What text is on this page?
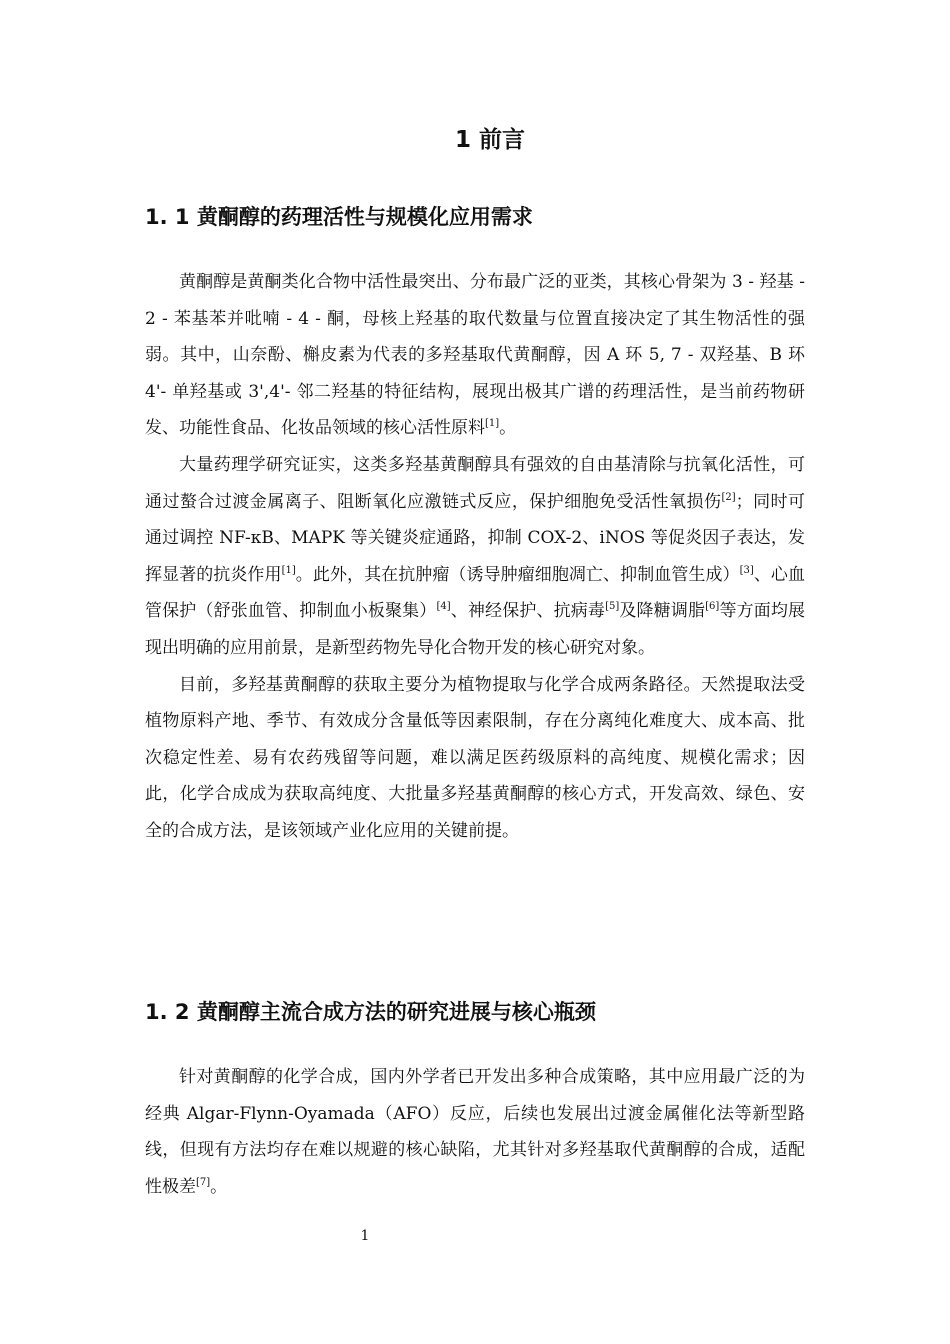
1 前言
1. 1 黄酮醇的药理活性与规模化应用需求

黄酮醇是黄酮类化合物中活性最突出、分布最广泛的亚类，其核心骨架为 3 - 羟基 - 2 - 苯基苯并吡喃 - 4 - 酮，母核上羟基的取代数量与位置直接决定了其生物活性的强弱。其中，山奈酚、槲皮素为代表的多羟基取代黄酮醇，因 A 环 5, 7 - 双羟基、B 环 4'- 单羟基或 3',4'- 邻二羟基的特征结构，展现出极其广谱的药理活性，是当前药物研发、功能性食品、化妆品领域的核心活性原料[1]。

大量药理学研究证实，这类多羟基黄酮醇具有强效的自由基清除与抗氧化活性，可通过螯合过渡金属离子、阻断氧化应激链式反应，保护细胞免受活性氧损伤[2]；同时可通过调控 NF-κB、MAPK 等关键炎症通路，抑制 COX-2、iNOS 等促炎因子表达，发挥显著的抗炎作用[1]。此外，其在抗肿瘤（诱导肿瘤细胞凋亡、抑制血管生成）[3]、心血管保护（舒张血管、抑制血小板聚集）[4]、神经保护、抗病毒[5]及降糖调脂[6]等方面均展现出明确的应用前景，是新型药物先导化合物开发的核心研究对象。

目前，多羟基黄酮醇的获取主要分为植物提取与化学合成两条路径。天然提取法受植物原料产地、季节、有效成分含量低等因素限制，存在分离纯化难度大、成本高、批次稳定性差、易有农药残留等问题，难以满足医药级原料的高纯度、规模化需求；因此，化学合成成为获取高纯度、大批量多羟基黄酮醇的核心方式，开发高效、绿色、安全的合成方法，是该领域产业化应用的关键前提。

1. 2 黄酮醇主流合成方法的研究进展与核心瓶颈

针对黄酮醇的化学合成，国内外学者已开发出多种合成策略，其中应用最广泛的为经典 Algar-Flynn-Oyamada（AFO）反应，后续也发展出过渡金属催化法等新型路线，但现有方法均存在难以规避的核心缺陷，尤其针对多羟基取代黄酮醇的合成，适配性极差[7]。

1
